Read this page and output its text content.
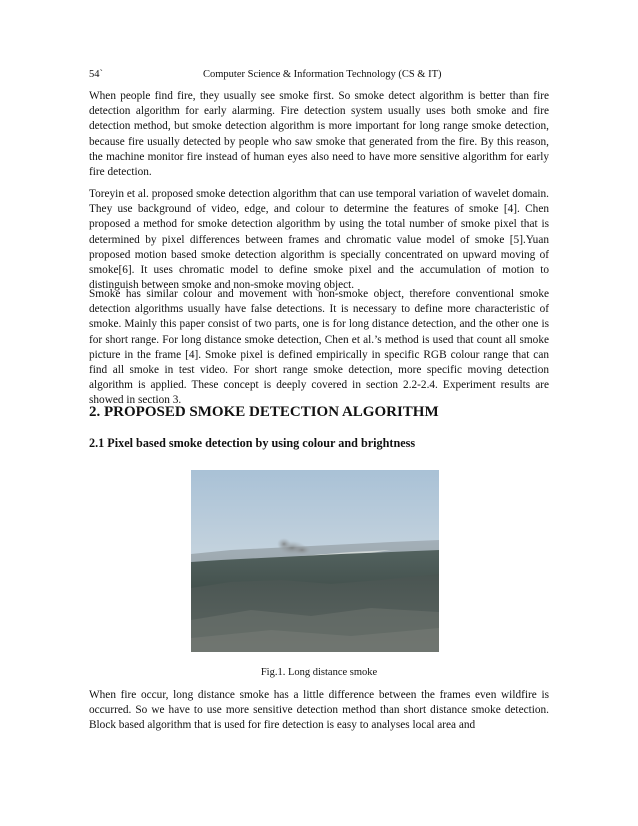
54`	Computer Science & Information Technology (CS & IT)

When people find fire, they usually see smoke first. So smoke detect algorithm is better than fire detection algorithm for early alarming. Fire detection system usually uses both smoke and fire detection method, but smoke detection algorithm is more important for long range smoke detection, because fire usually detected by people who saw smoke that generated from the fire. By this reason, the machine monitor fire instead of human eyes also need to have more sensitive algorithm for early fire detection.

Toreyin et al. proposed smoke detection algorithm that can use temporal variation of wavelet domain. They use background of video, edge, and colour to determine the features of smoke [4]. Chen proposed a method for smoke detection algorithm by using the total number of smoke pixel that is determined by pixel differences between frames and chromatic value model of smoke [5].Yuan proposed motion based smoke detection algorithm is specially concentrated on upward moving of smoke[6]. It uses chromatic model to define smoke pixel and the accumulation of motion to distinguish between smoke and non-smoke moving object.

Smoke has similar colour and movement with non-smoke object, therefore conventional smoke detection algorithms usually have false detections. It is necessary to define more characteristic of smoke. Mainly this paper consist of two parts, one is for long distance detection, and the other one is for short range. For long distance smoke detection, Chen et al.’s method is used that count all smoke picture in the frame [4]. Smoke pixel is defined empirically in specific RGB colour range that can find all smoke in test video. For short range smoke detection, more specific moving detection algorithm is applied. These concept is deeply covered in section 2.2-2.4. Experiment results are showed in section 3.

2. PROPOSED SMOKE DETECTION ALGORITHM
2.1 Pixel based smoke detection by using colour and brightness
Fig.1. Long distance smoke

When fire occur, long distance smoke has a little difference between the frames even wildfire is occurred. So we have to use more sensitive detection method than short distance smoke detection. Block based algorithm that is used for fire detection is easy to analyses local area and
